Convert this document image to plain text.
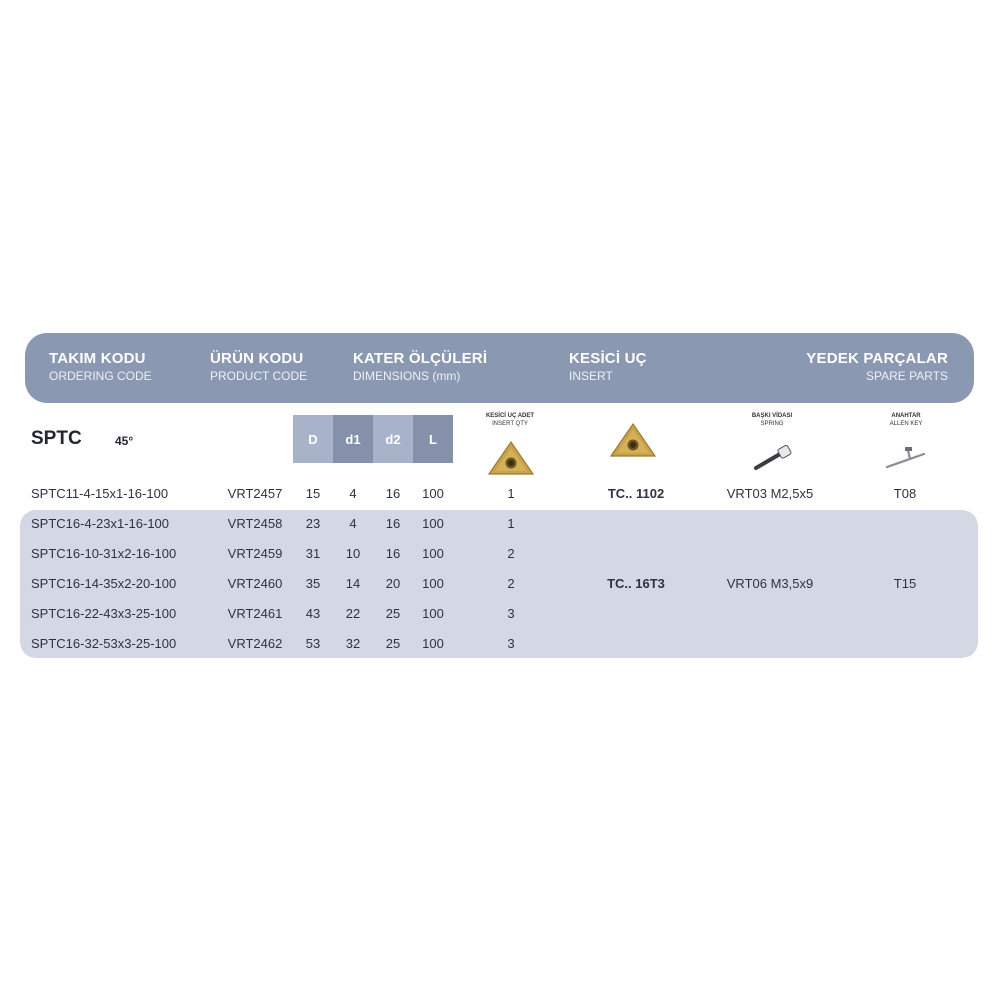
TAKIM KODU
ORDERING CODE
ÜRÜN KODU
PRODUCT CODE
KATER ÖLÇÜLERİ
DIMENSIONS (mm)
KESİCİ UÇ
INSERT
YEDEK PARÇALAR
SPARE PARTS
SPTC	45°	D	d1	d2	L
KESİCİ UÇ ADET
INSERT QTY
BAŞKI VİDASI
SPRING
ANAHTAR
ALLEN KEY
SPTC11-4-15x1-16-100	VRT2457	15	4	16	100	1	TC.. 1102	VRT03 M2,5x5	T08
SPTC16-4-23x1-16-100	VRT2458	23	4	16	100	1
SPTC16-10-31x2-16-100	VRT2459	31	10	16	100	2
SPTC16-14-35x2-20-100	VRT2460	35	14	20	100	2	TC.. 16T3	VRT06 M3,5x9	T15
SPTC16-22-43x3-25-100	VRT2461	43	22	25	100	3
SPTC16-32-53x3-25-100	VRT2462	53	32	25	100	3
